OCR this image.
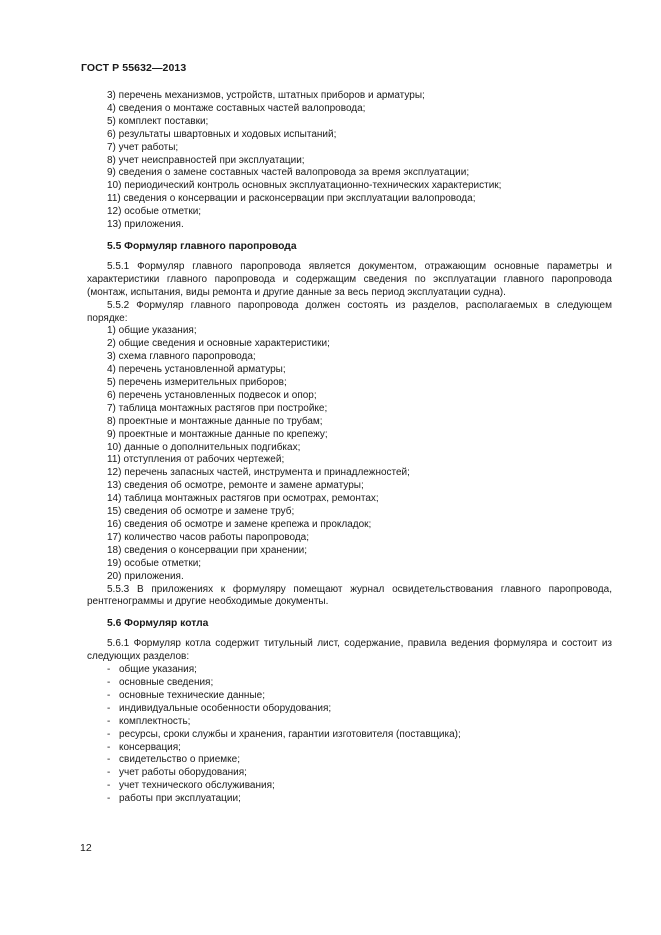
ГОСТ Р 55632—2013
3) перечень механизмов, устройств, штатных приборов и арматуры;
4) сведения о монтаже составных частей валопровода;
5) комплект поставки;
6) результаты швартовных и ходовых испытаний;
7) учет работы;
8) учет неисправностей при эксплуатации;
9) сведения о замене составных частей валопровода за время эксплуатации;
10) периодический контроль основных эксплуатационно-технических характеристик;
11) сведения о консервации и расконсервации при эксплуатации валопровода;
12) особые отметки;
13) приложения.
5.5 Формуляр главного паропровода
5.5.1 Формуляр главного паропровода является документом, отражающим основные параметры и характеристики главного паропровода и содержащим сведения по эксплуатации главного паропровода (монтаж, испытания, виды ремонта и другие данные за весь период эксплуатации судна).
5.5.2 Формуляр главного паропровода должен состоять из разделов, располагаемых в следующем порядке:
1) общие указания;
2) общие сведения и основные характеристики;
3) схема главного паропровода;
4) перечень установленной арматуры;
5) перечень измерительных приборов;
6) перечень установленных подвесок и опор;
7) таблица монтажных растягов при постройке;
8) проектные и монтажные данные по трубам;
9) проектные и монтажные данные по крепежу;
10) данные о дополнительных подгибках;
11) отступления от рабочих чертежей;
12) перечень запасных частей, инструмента и принадлежностей;
13) сведения об осмотре, ремонте и замене арматуры;
14) таблица монтажных растягов при осмотрах, ремонтах;
15) сведения об осмотре и замене труб;
16) сведения об осмотре и замене крепежа и прокладок;
17) количество часов работы паропровода;
18) сведения о консервации при хранении;
19) особые отметки;
20) приложения.
5.5.3 В приложениях к формуляру помещают журнал освидетельствования главного паропровода, рентгенограммы и другие необходимые документы.
5.6 Формуляр котла
5.6.1 Формуляр котла содержит титульный лист, содержание, правила ведения формуляра и состоит из следующих разделов:
- общие указания;
- основные сведения;
- основные технические данные;
- индивидуальные особенности оборудования;
- комплектность;
- ресурсы, сроки службы и хранения, гарантии изготовителя (поставщика);
- консервация;
- свидетельство о приемке;
- учет работы оборудования;
- учет технического обслуживания;
- работы при эксплуатации;
12
